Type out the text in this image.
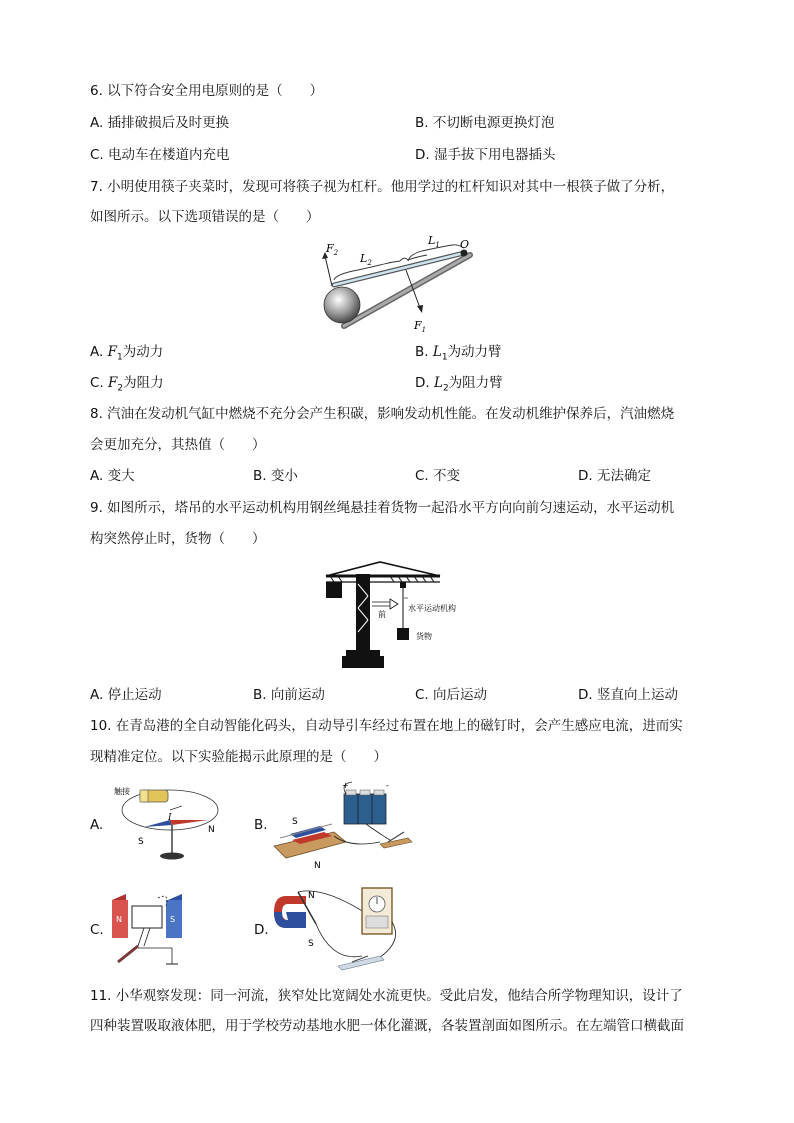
6. 以下符合安全用电原则的是（　　）
A. 插排破损后及时更换	B. 不切断电源更换灯泡
C. 电动车在楼道内充电	D. 湿手拔下用电器插头
7. 小明使用筷子夹菜时，发现可将筷子视为杠杆。他用学过的杠杆知识对其中一根筷子做了分析，
如图所示。以下选项错误的是（　　）
$F_2$ $L_2$
$L_1$ O
$F_1$
A. $F_1$为动力	B. $L_1$为动力臂
C. $F_2$为阻力	D. $L_2$为阻力臂
8. 汽油在发动机气缸中燃烧不充分会产生积碳，影响发动机性能。在发动机维护保养后，汽油燃烧
会更加充分，其热值（　　）
A. 变大	B. 变小	C. 不变	D. 无法确定
9. 如图所示，塔吊的水平运动机构用钢丝绳悬挂着货物一起沿水平方向向前匀速运动，水平运动机
构突然停止时，货物（　　）
前
水平运动机构
货物
A. 停止运动	B. 向前运动	C. 向后运动	D. 竖直向上运动
10. 在青岛港的全自动智能化码头，自动导引车经过布置在地上的磁钉时，会产生感应电流，进而实
现精准定位。以下实验能揭示此原理的是（　　）
A.
触接
I
N
S
B.	S
N
+	-
C.
N	S
D.
N
S
11. 小华观察发现：同一河流，狭窄处比宽阔处水流更快。受此启发，他结合所学物理知识，设计了
四种装置吸取液体肥，用于学校劳动基地水肥一体化灌溉，各装置剖面如图所示。在左端管口横截面
